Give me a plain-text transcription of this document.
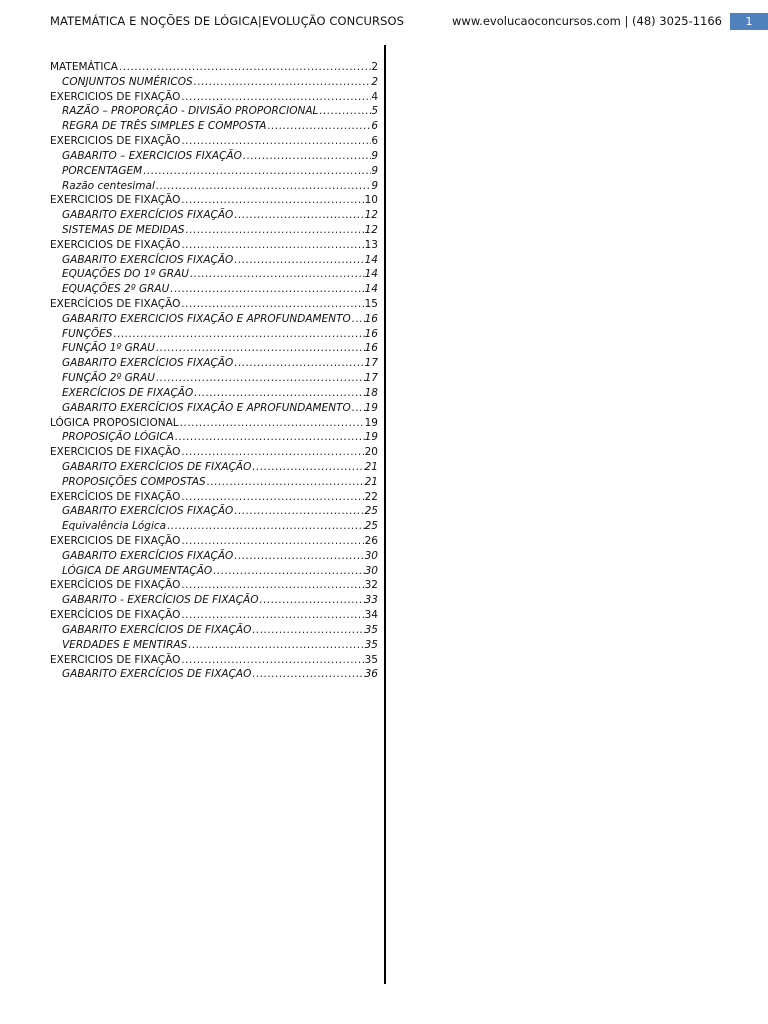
MATEMÁTICA E NOÇÕES DE LÓGICA|EVOLUÇÃO CONCURSOS	www.evolucaoconcursos.com | (48) 3025-1166	1
MATEMÁTICA .....	2
CONJUNTOS NUMÉRICOS .....	2
EXERCICIOS DE FIXAÇÃO .....	4
RAZÃO – PROPORÇÃO - DIVISÃO PROPORCIONAL .....	5
REGRA DE TRÊS SIMPLES E COMPOSTA .....	6
EXERCICIOS DE FIXAÇÃO .....	6
GABARITO – EXERCICIOS FIXAÇÃO .....	9
PORCENTAGEM .....	9
Razão centesimal .....	9
EXERCICIOS DE FIXAÇÃO .....	10
GABARITO EXERCÍCIOS FIXAÇÃO .....	12
SISTEMAS DE MEDIDAS .....	12
EXERCICIOS DE FIXAÇÃO .....	13
GABARITO EXERCÍCIOS FIXAÇÃO .....	14
EQUAÇÕES DO 1º GRAU .....	14
EQUAÇÕES 2º GRAU .....	14
EXERCÍCIOS DE FIXAÇÃO .....	15
GABARITO EXERCICIOS FIXAÇÃO E APROFUNDAMENTO ..... 16
FUNÇÕES .....	16
FUNÇÃO 1º GRAU .....	16
GABARITO EXERCÍCIOS FIXAÇÃO .....	17
FUNÇÃO 2º GRAU .....	17
EXERCÍCIOS DE FIXAÇÃO .....	18
GABARITO EXERCÍCIOS FIXAÇÃO E APROFUNDAMENTO ..... 19
LÓGICA PROPOSICIONAL .....	19
PROPOSIÇÃO LÓGICA .....	19
EXERCICIOS DE FIXAÇÃO .....	20
GABARITO EXERCÍCIOS DE FIXAÇÃO .....	21
PROPOSIÇÕES COMPOSTAS .....	21
EXERCÍCIOS DE FIXAÇÃO .....	22
GABARITO EXERCÍCIOS FIXAÇÃO .....	25
Equivalência Lógica .....	25
EXERCICIOS DE FIXAÇÃO .....	26
GABARITO EXERCÍCIOS FIXAÇÃO .....	30
LÓGICA DE ARGUMENTAÇÃO .....	30
EXERCÍCIOS DE FIXAÇÃO .....	32
GABARITO - EXERCÍCIOS DE FIXAÇÃO .....	33
EXERCÍCIOS DE FIXAÇÃO .....	34
GABARITO EXERCÍCIOS DE FIXAÇÃO .....	35
VERDADES E MENTIRAS .....	35
EXERCICIOS DE FIXAÇÃO .....	35
GABARITO EXERCÍCIOS DE FIXAÇAO .....	36
